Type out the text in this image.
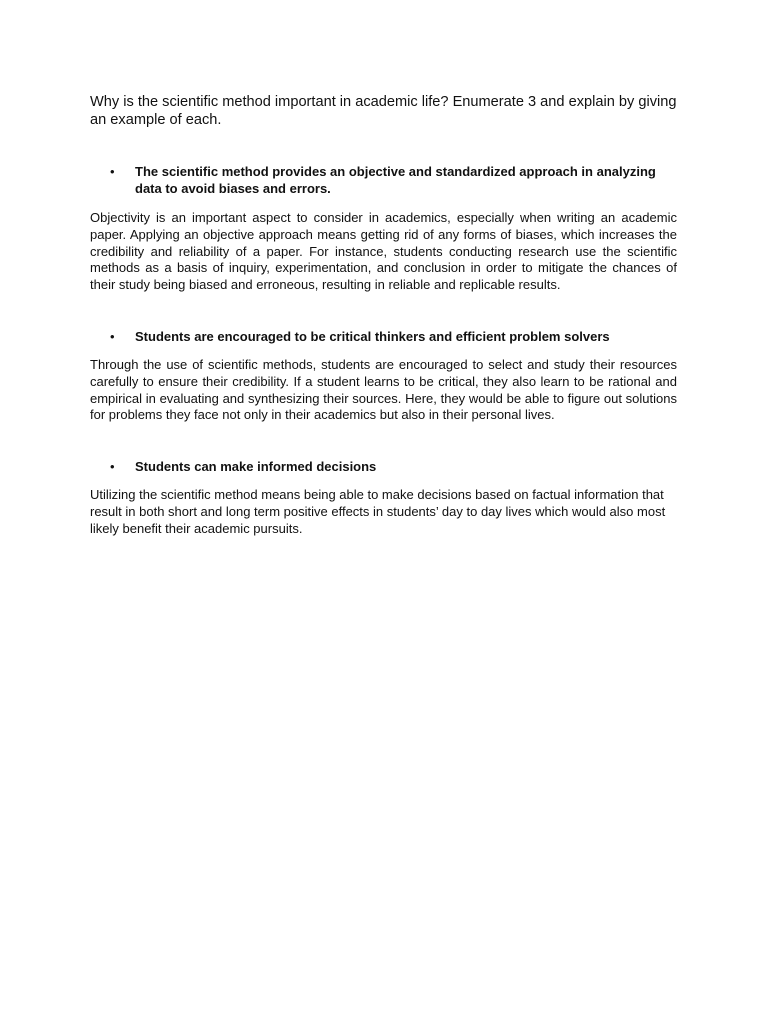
Why is the scientific method important in academic life? Enumerate 3 and explain by giving an example of each.

•	The scientific method provides an objective and standardized approach in analyzing data to avoid biases and errors.

Objectivity is an important aspect to consider in academics, especially when writing an academic paper. Applying an objective approach means getting rid of any forms of biases, which increases the credibility and reliability of a paper. For instance, students conducting research use the scientific methods as a basis of inquiry, experimentation, and conclusion in order to mitigate the chances of their study being biased and erroneous, resulting in reliable and replicable results.

•	Students are encouraged to be critical thinkers and efficient problem solvers

Through the use of scientific methods, students are encouraged to select and study their resources carefully to ensure their credibility. If a student learns to be critical, they also learn to be rational and empirical in evaluating and synthesizing their sources. Here, they would be able to figure out solutions for problems they face not only in their academics but also in their personal lives.

•	Students can make informed decisions

Utilizing the scientific method means being able to make decisions based on factual information that result in both short and long term positive effects in students’ day to day lives which would also most likely benefit their academic pursuits.
